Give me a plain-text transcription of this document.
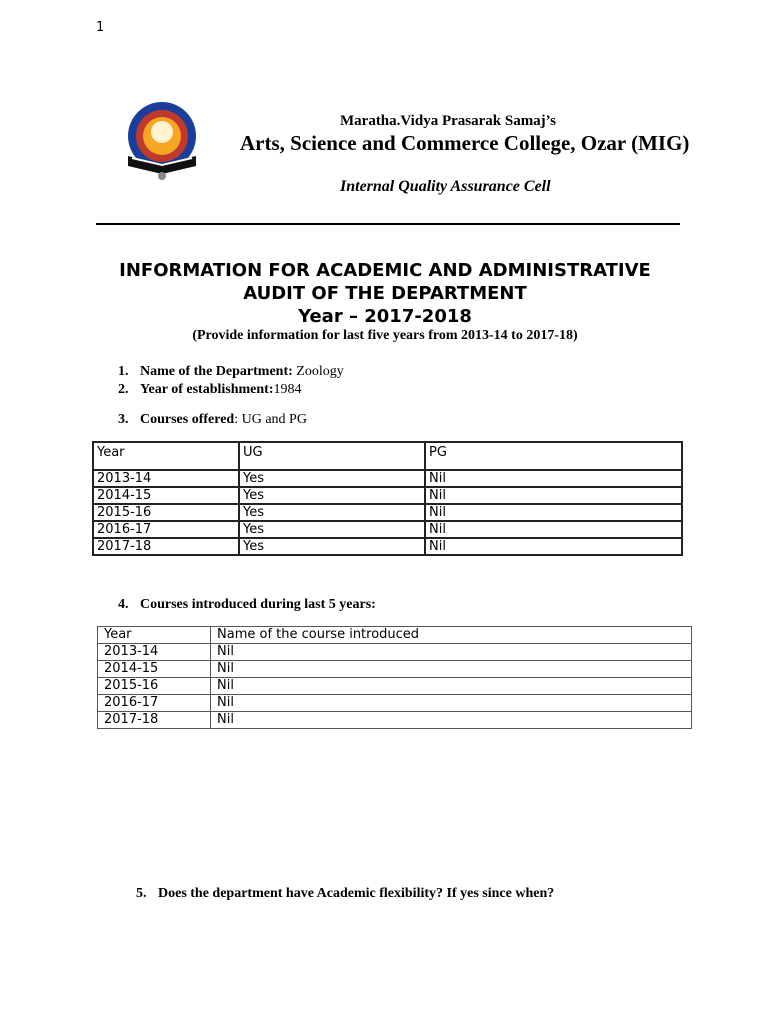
1
Maratha.Vidya Prasarak Samaj’s
Arts, Science and Commerce College, Ozar (MIG)
Internal Quality Assurance Cell
INFORMATION FOR ACADEMIC AND ADMINISTRATIVE
AUDIT OF THE DEPARTMENT
Year – 2017-2018
(Provide information for last five years from 2013-14 to 2017-18)
1. Name of the Department: Zoology
2. Year of establishment:1984
3. Courses offered: UG and PG
Year	UG	PG
2013-14	Yes	Nil
2014-15	Yes	Nil
2015-16	Yes	Nil
2016-17	Yes	Nil
2017-18	Yes	Nil
4. Courses introduced during last 5 years:
Year	Name of the course introduced
2013-14	Nil
2014-15	Nil
2015-16	Nil
2016-17	Nil
2017-18	Nil
5. Does the department have Academic flexibility? If yes since when?
